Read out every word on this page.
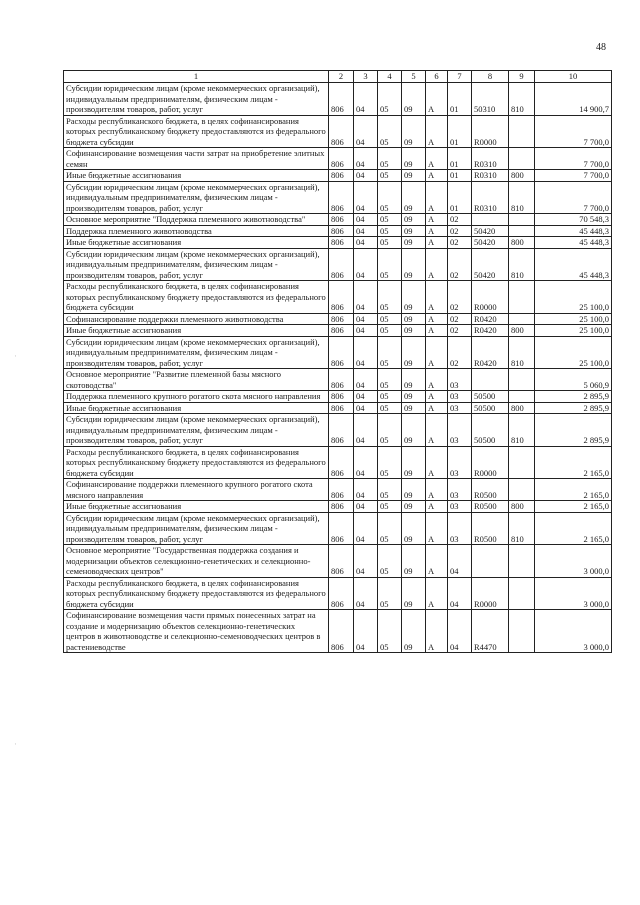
48
·
·
1	2	3	4	5	6	7	8	9	10
Субсидии юридическим лицам (кроме некоммерческих организаций), индивидуальным предпринимателям, физическим лицам - производителям товаров, работ, услуг	806	04	05	09	А	01	50310	810	14 900,7
Расходы республиканского бюджета, в целях софинансирования которых республиканскому бюджету предоставляются из федерального бюджета субсидии	806	04	05	09	А	01	R0000		7 700,0
Софинансирование возмещения части затрат на приобретение элитных семян	806	04	05	09	А	01	R0310		7 700,0
Иные бюджетные ассигнования	806	04	05	09	А	01	R0310	800	7 700,0
Субсидии юридическим лицам (кроме некоммерческих организаций), индивидуальным предпринимателям, физическим лицам - производителям товаров, работ, услуг	806	04	05	09	А	01	R0310	810	7 700,0
Основное мероприятие "Поддержка племенного животноводства"	806	04	05	09	А	02			70 548,3
Поддержка племенного животноводства	806	04	05	09	А	02	50420		45 448,3
Иные бюджетные ассигнования	806	04	05	09	А	02	50420	800	45 448,3
Субсидии юридическим лицам (кроме некоммерческих организаций), индивидуальным предпринимателям, физическим лицам - производителям товаров, работ, услуг	806	04	05	09	А	02	50420	810	45 448,3
Расходы республиканского бюджета, в целях софинансирования которых республиканскому бюджету предоставляются из федерального бюджета субсидии	806	04	05	09	А	02	R0000		25 100,0
Софинансирование поддержки племенного животноводства	806	04	05	09	А	02	R0420		25 100,0
Иные бюджетные ассигнования	806	04	05	09	А	02	R0420	800	25 100,0
Субсидии юридическим лицам (кроме некоммерческих организаций), индивидуальным предпринимателям, физическим лицам - производителям товаров, работ, услуг	806	04	05	09	А	02	R0420	810	25 100,0
Основное мероприятие "Развитие племенной базы мясного скотоводства"	806	04	05	09	А	03			5 060,9
Поддержка племенного крупного рогатого скота мясного направления	806	04	05	09	А	03	50500		2 895,9
Иные бюджетные ассигнования	806	04	05	09	А	03	50500	800	2 895,9
Субсидии юридическим лицам (кроме некоммерческих организаций), индивидуальным предпринимателям, физическим лицам - производителям товаров, работ, услуг	806	04	05	09	А	03	50500	810	2 895,9
Расходы республиканского бюджета, в целях софинансирования которых республиканскому бюджету предоставляются из федерального бюджета субсидии	806	04	05	09	А	03	R0000		2 165,0
Софинансирование поддержки племенного крупного рогатого скота мясного направления	806	04	05	09	А	03	R0500		2 165,0
Иные бюджетные ассигнования	806	04	05	09	А	03	R0500	800	2 165,0
Субсидии юридическим лицам (кроме некоммерческих организаций), индивидуальным предпринимателям, физическим лицам - производителям товаров, работ, услуг	806	04	05	09	А	03	R0500	810	2 165,0
Основное мероприятие "Государственная поддержка создания и модернизации объектов селекционно-генетических и селекционно-семеноводческих центров"	806	04	05	09	А	04			3 000,0
Расходы республиканского бюджета, в целях софинансирования которых республиканскому бюджету предоставляются из федерального бюджета субсидии	806	04	05	09	А	04	R0000		3 000,0
Софинансирование возмещения части прямых понесенных затрат на создание и модернизацию объектов селекционно-генетических центров в животноводстве и селекционно-семеноводческих центров в растениеводстве	806	04	05	09	А	04	R4470		3 000,0
